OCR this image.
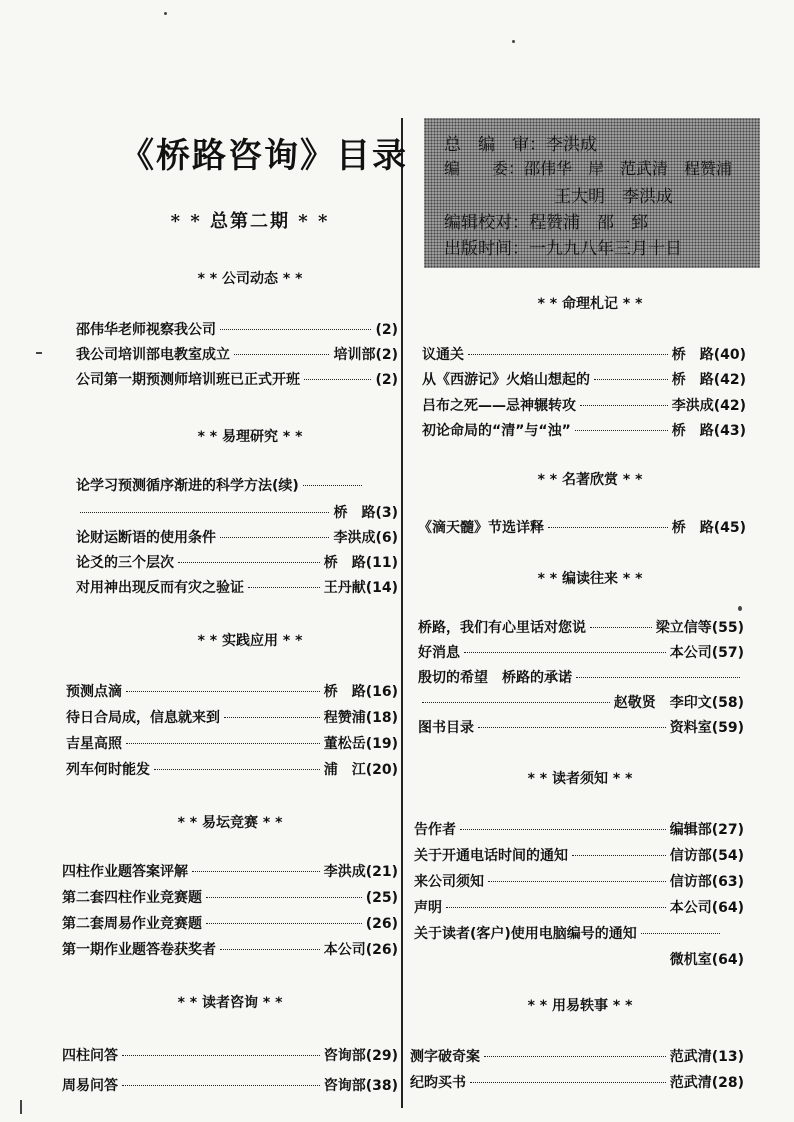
《桥路咨询》目录
* * 总第二期 * *
总　编　审：李洪成
编　　委：邵伟华　岸　范武清　程赞浦
王大明　李洪成
编辑校对：程赞浦　邵　郅
出版时间：一九九八年三月十日
* * 公司动态 * *
邵伟华老师视察我公司	(2)
我公司培训部电教室成立	培训部 (2)
公司第一期预测师培训班已正式开班	(2)
* * 易理研究 * *
论学习预测循序渐进的科学方法(续)
桥　路 (3)
论财运断语的使用条件	李洪成 (6)
论爻的三个层次	桥　路 (11)
对用神出现反而有灾之验证	王丹献 (14)
* * 实践应用 * *
预测点滴	桥　路 (16)
待日合局成，信息就来到	程赞浦 (18)
吉星高照	董松岳 (19)
列车何时能发	浦　江 (20)
* * 易坛竞赛 * *
四柱作业题答案评解	李洪成 (21)
第二套四柱作业竞赛题	(25)
第二套周易作业竞赛题	(26)
第一期作业题答卷获奖者	本公司 (26)
* * 读者咨询 * *
四柱问答	咨询部 (29)
周易问答	咨询部 (38)
* * 命理札记 * *
议通关	桥　路 (40)
从《西游记》火焰山想起的	桥　路 (42)
吕布之死——忌神辗转攻	李洪成 (42)
初论命局的“清”与“浊”	桥　路 (43)
* * 名著欣赏 * *
《滴天髓》节选详释	桥　路 (45)
* * 编读往来 * *
桥路，我们有心里话对您说	梁立信等 (55)
好消息	本公司 (57)
殷切的希望　桥路的承诺
赵敬贤　李印文 (58)
图书目录	资料室 (59)
* * 读者须知 * *
告作者	编辑部 (27)
关于开通电话时间的通知	信访部 (54)
来公司须知	信访部 (63)
声明	本公司 (64)
关于读者(客户)使用电脑编号的通知
微机室 (64)
* * 用易轶事 * *
测字破奇案	范武清 (13)
纪昀买书	范武清 (28)
